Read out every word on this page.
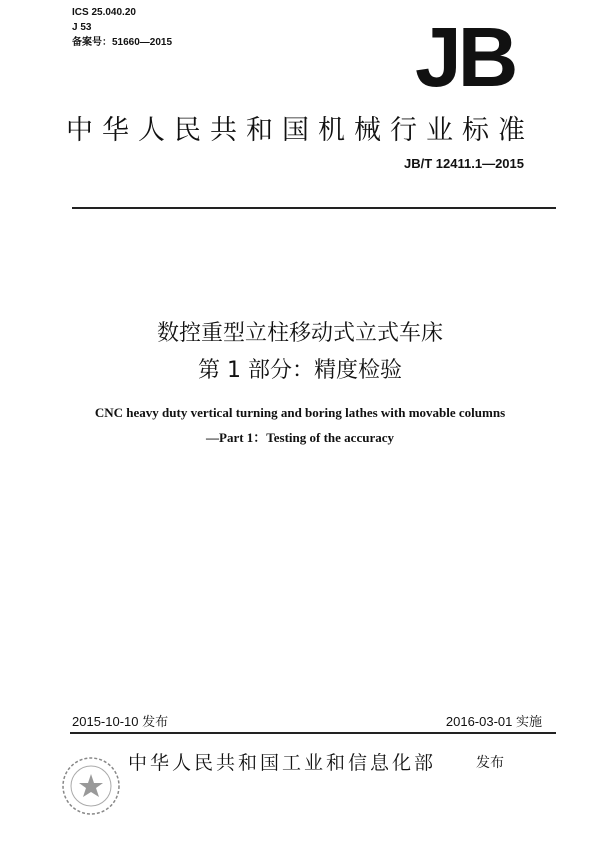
ICS 25.040.20
J 53
备案号：51660—2015	JB
中华人民共和国机械行业标准
JB/T 12411.1—2015
数控重型立柱移动式立式车床
第 1 部分：精度检验
CNC heavy duty vertical turning and boring lathes with movable columns
—Part 1：Testing of the accuracy
2015-10-10 发布	2016-03-01 实施
中华人民共和国工业和信息化部	发布
